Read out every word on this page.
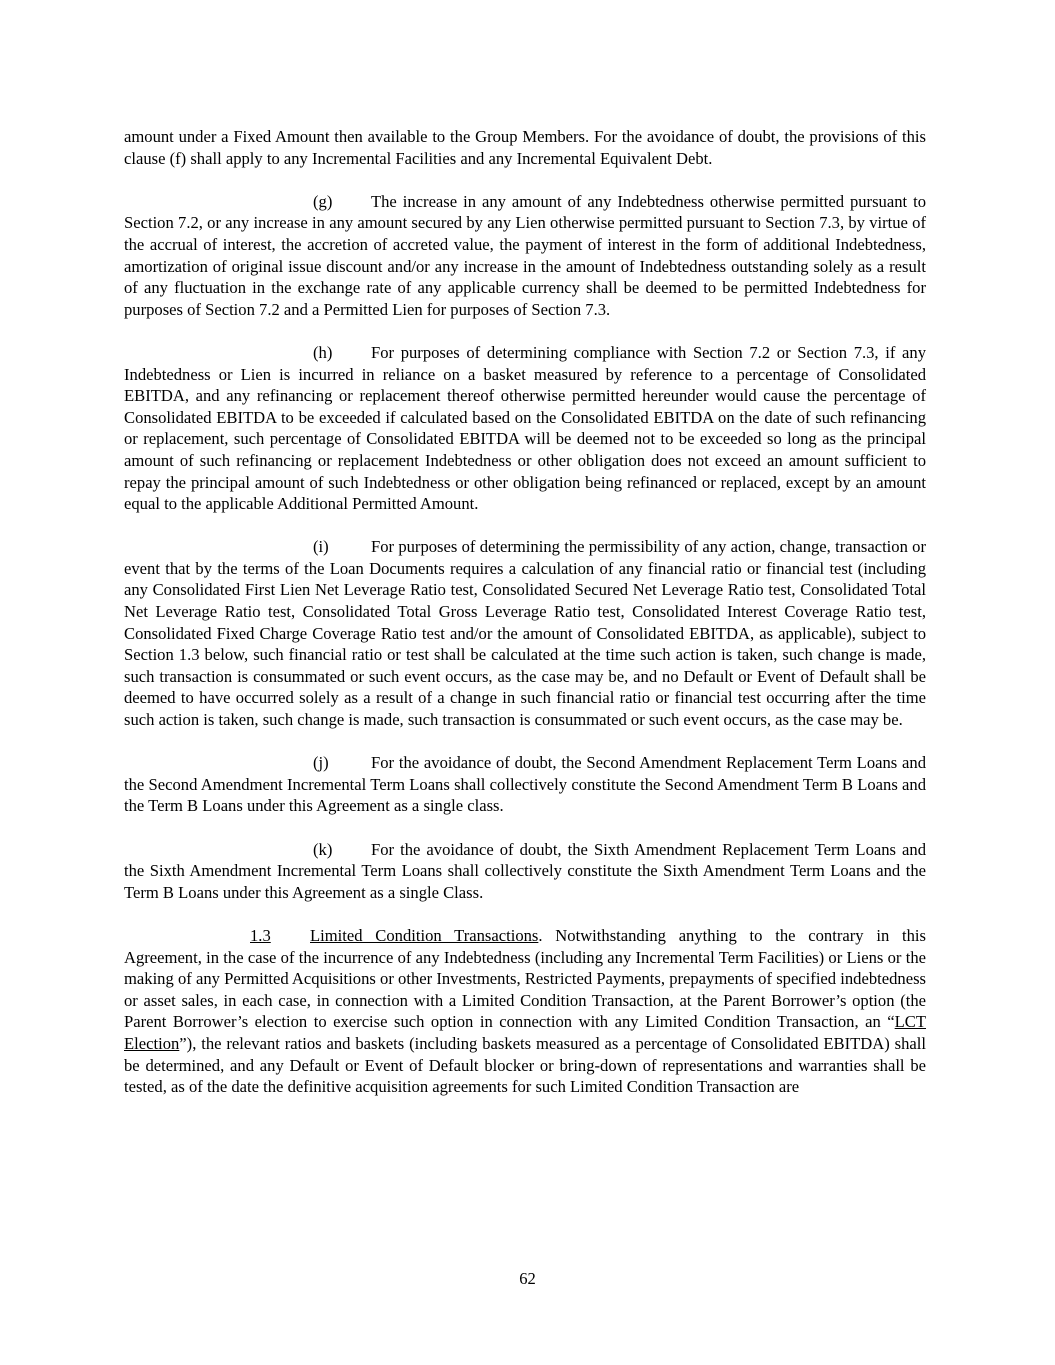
amount under a Fixed Amount then available to the Group Members. For the avoidance of doubt, the provisions of this clause (f) shall apply to any Incremental Facilities and any Incremental Equivalent Debt.

(g) The increase in any amount of any Indebtedness otherwise permitted pursuant to Section 7.2, or any increase in any amount secured by any Lien otherwise permitted pursuant to Section 7.3, by virtue of the accrual of interest, the accretion of accreted value, the payment of interest in the form of additional Indebtedness, amortization of original issue discount and/or any increase in the amount of Indebtedness outstanding solely as a result of any fluctuation in the exchange rate of any applicable currency shall be deemed to be permitted Indebtedness for purposes of Section 7.2 and a Permitted Lien for purposes of Section 7.3.

(h) For purposes of determining compliance with Section 7.2 or Section 7.3, if any Indebtedness or Lien is incurred in reliance on a basket measured by reference to a percentage of Consolidated EBITDA, and any refinancing or replacement thereof otherwise permitted hereunder would cause the percentage of Consolidated EBITDA to be exceeded if calculated based on the Consolidated EBITDA on the date of such refinancing or replacement, such percentage of Consolidated EBITDA will be deemed not to be exceeded so long as the principal amount of such refinancing or replacement Indebtedness or other obligation does not exceed an amount sufficient to repay the principal amount of such Indebtedness or other obligation being refinanced or replaced, except by an amount equal to the applicable Additional Permitted Amount.

(i)	For purposes of determining the permissibility of any action, change, transaction or event that by the terms of the Loan Documents requires a calculation of any financial ratio or financial test (including any Consolidated First Lien Net Leverage Ratio test, Consolidated Secured Net Leverage Ratio test, Consolidated Total Net Leverage Ratio test, Consolidated Total Gross Leverage Ratio test, Consolidated Interest Coverage Ratio test, Consolidated Fixed Charge Coverage Ratio test and/or the amount of Consolidated EBITDA, as applicable), subject to Section 1.3 below, such financial ratio or test shall be calculated at the time such action is taken, such change is made, such transaction is consummated or such event occurs, as the case may be, and no Default or Event of Default shall be deemed to have occurred solely as a result of a change in such financial ratio or financial test occurring after the time such action is taken, such change is made, such transaction is consummated or such event occurs, as the case may be.

(j)	For the avoidance of doubt, the Second Amendment Replacement Term Loans and the Second Amendment Incremental Term Loans shall collectively constitute the Second Amendment Term B Loans and the Term B Loans under this Agreement as a single class.

(k) For the avoidance of doubt, the Sixth Amendment Replacement Term Loans and the Sixth Amendment Incremental Term Loans shall collectively constitute the Sixth Amendment Term Loans and the Term B Loans under this Agreement as a single Class.

1.3 Limited Condition Transactions. Notwithstanding anything to the contrary in this Agreement, in the case of the incurrence of any Indebtedness (including any Incremental Term Facilities) or Liens or the making of any Permitted Acquisitions or other Investments, Restricted Payments, prepayments of specified indebtedness or asset sales, in each case, in connection with a Limited Condition Transaction, at the Parent Borrower’s option (the Parent Borrower’s election to exercise such option in connection with any Limited Condition Transaction, an “LCT Election”), the relevant ratios and baskets (including baskets measured as a percentage of Consolidated EBITDA) shall be determined, and any Default or Event of Default blocker or bring-down of representations and warranties shall be tested, as of the date the definitive acquisition agreements for such Limited Condition Transaction are

62
